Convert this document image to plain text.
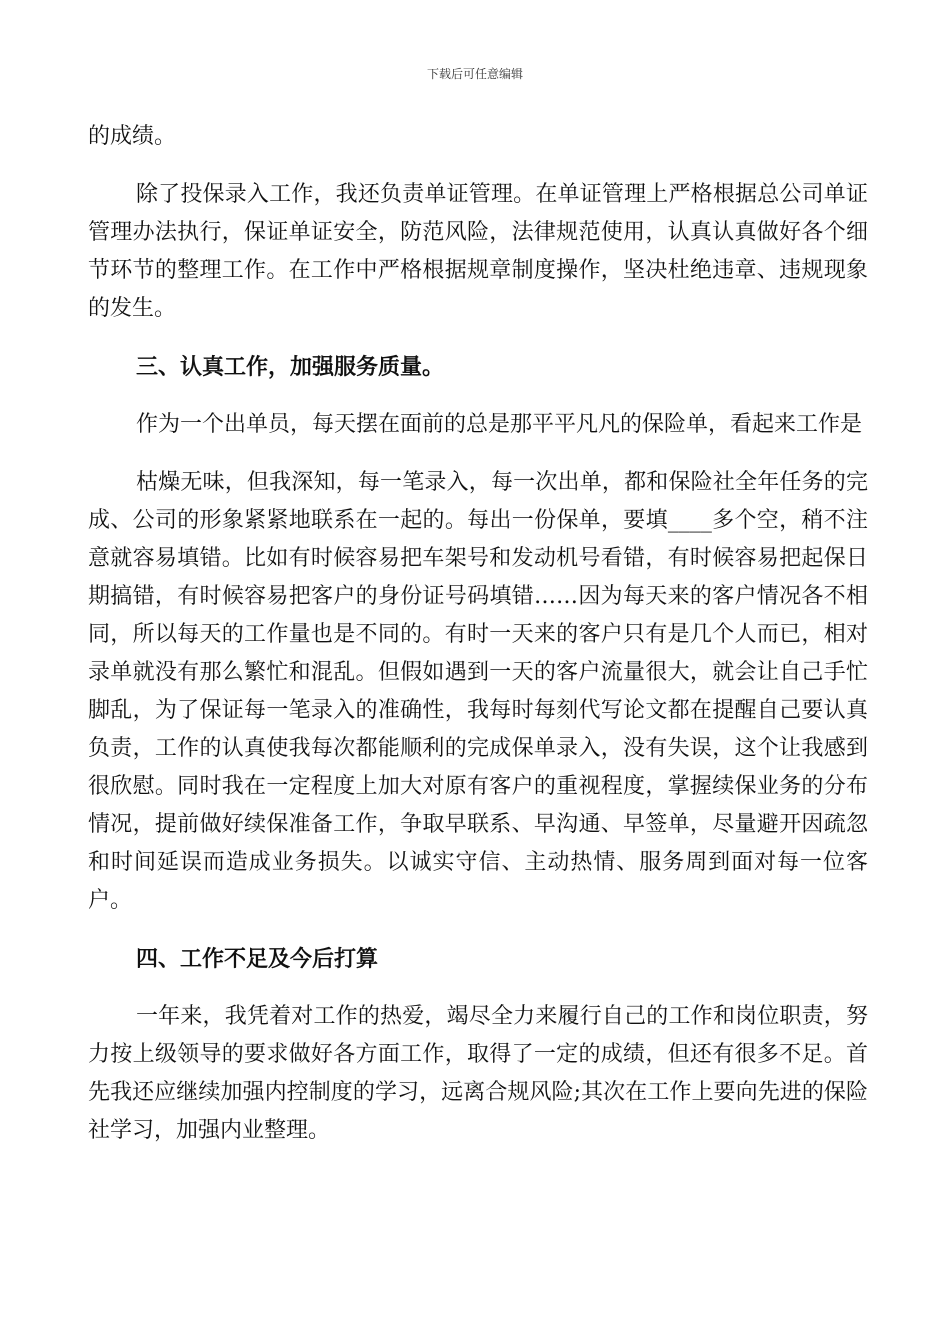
下载后可任意编辑

的成绩。

除了投保录入工作，我还负责单证管理。在单证管理上严格根据总公司单证管理办法执行，保证单证安全，防范风险，法律规范使用，认真认真做好各个细节环节的整理工作。在工作中严格根据规章制度操作，坚决杜绝违章、违规现象的发生。

三、认真工作，加强服务质量。

作为一个出单员，每天摆在面前的总是那平平凡凡的保险单，看起来工作是

枯燥无味，但我深知，每一笔录入，每一次出单，都和保险社全年任务的完成、公司的形象紧紧地联系在一起的。每出一份保单，要填____多个空，稍不注意就容易填错。比如有时候容易把车架号和发动机号看错，有时候容易把起保日期搞错，有时候容易把客户的身份证号码填错……因为每天来的客户情况各不相同，所以每天的工作量也是不同的。有时一天来的客户只有是几个人而已，相对录单就没有那么繁忙和混乱。但假如遇到一天的客户流量很大，就会让自己手忙脚乱，为了保证每一笔录入的准确性，我每时每刻代写论文都在提醒自己要认真负责，工作的认真使我每次都能顺利的完成保单录入，没有失误，这个让我感到很欣慰。同时我在一定程度上加大对原有客户的重视程度，掌握续保业务的分布情况，提前做好续保准备工作，争取早联系、早沟通、早签单，尽量避开因疏忽和时间延误而造成业务损失。以诚实守信、主动热情、服务周到面对每一位客户。

四、工作不足及今后打算

一年来，我凭着对工作的热爱，竭尽全力来履行自己的工作和岗位职责，努力按上级领导的要求做好各方面工作，取得了一定的成绩，但还有很多不足。首先我还应继续加强内控制度的学习，远离合规风险;其次在工作上要向先进的保险社学习，加强内业整理。
